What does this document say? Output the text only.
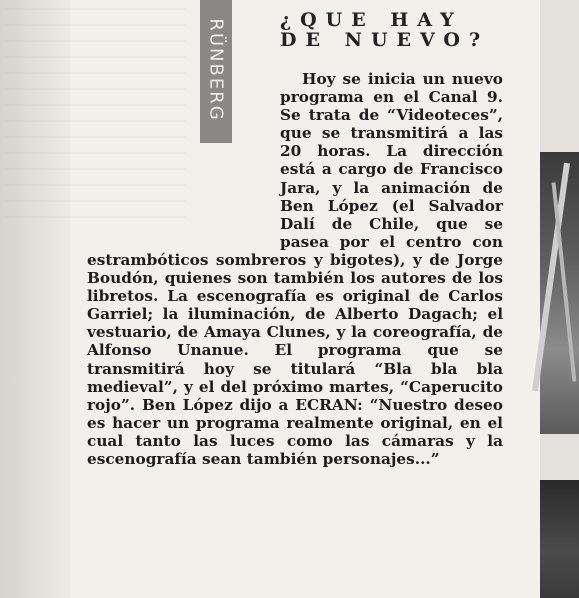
RÜNBERG	¿QUE HAY
DE NUEVO?

Hoy se inicia un nuevo programa en el Canal 9. Se trata de “Videoteces”, que se transmitirá a las 20 horas. La dirección está a cargo de Francisco Jara, y la animación de Ben López (el Salvador Dalí de Chile, que se pasea por el centro con estrambóticos sombreros y bigotes), y de Jorge Boudón, quienes son también los autores de los libretos. La escenografía es original de Carlos Garriel; la iluminación, de Alberto Dagach; el vestuario, de Amaya Clunes, y la coreografía, de Alfonso Unanue. El programa que se transmitirá hoy se titulará “Bla bla bla medieval”, y el del próximo martes, “Caperucito rojo”. Ben López dijo a ECRAN: “Nuestro deseo es hacer un programa realmente original, en el cual tanto las luces como las cámaras y la escenografía sean también personajes...”
